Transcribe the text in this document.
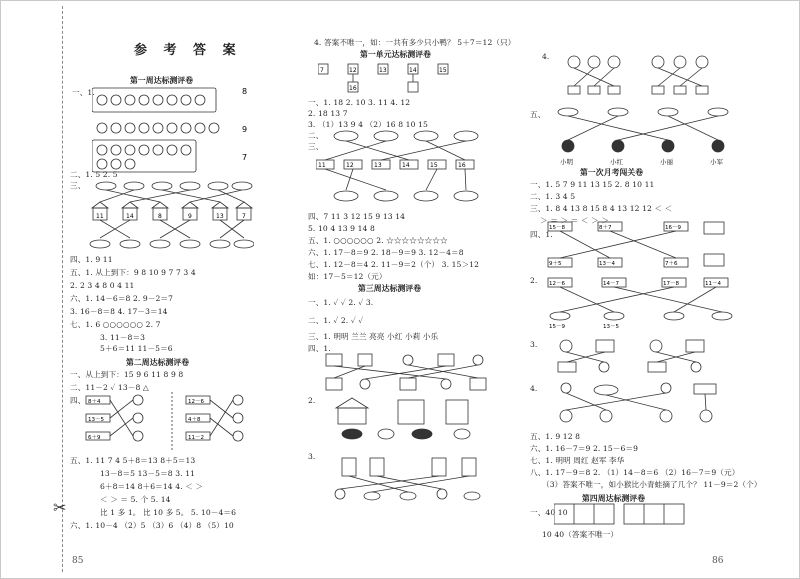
✂
参 考 答 案
第一周达标测评卷
一、1.	8
9
7
二、1. 5 2. 5
三、
11	14	8	9	13	7
四、1. 9 11
五、1. 从上到下：9 8 10 9 7 7 3 4
2. 2 3 4 8 0 4 11
六、1. 14－6＝8 2. 9－2＝7
3. 16－8＝8 4. 17－3＝14
七、1. 6 ○○○○○○ 2. 7
3. 11－8＝3
5＋6＝11 11－5＝6
第二周达标测评卷
一、从上到下：15 9 6 11 8 9 8
二、11－2 ✓ 13－8 △
四、 8＋4
13－5
6＋9
12－6
4＋8
11－2
五、1. 11 7 4 5＋8＝13 8＋5＝13
13－8＝5 13－5＝8 3. 11
6＋8＝14 8＋6＝14 4. ＜ ＞
＜ ＞ ＝ 5. 个 5. 14
比 1 多 1。 比 10 多 5。 5. 10－4＝6
六、1. 10－4 （2）5 （3）6 （4）8 （5）10
85
4. 答案不唯一，如：一共有多少只小鸭？ 5＋7＝12（只）
第一单元达标测评卷
7	12	13	14	15
16
一、1. 18 2. 10 3. 11 4. 12
2. 18 13 7
3. （1）13 9 4 （2）16 8 10 15
二、
11	12	13	14	15	16
三、
四、7 11 3 12 15 9 13 14
5. 10 4 13 9 14 8
五、1. ○○○○○○ 2. ☆☆☆☆☆☆☆☆
六、1. 17－8＝9 2. 18－9＝9 3. 12－4＝8
七、1. 12－8＝4 2. 11－9＝2（个） 3. 15＞12
如：17－5＝12（元）
第三周达标测评卷
一、1. ✓ ✓ 2. ✓ 3.
二、1. ✓ 2. ✓ ✓
三、1. 明明 兰兰 亮亮 小红 小莉 小乐
四、1.
2.
3.
4.
五、
小明	小红	小丽	小军
第一次月考闯关卷
一、1. 5 7 9 11 13 15 2. 8 10 11
二、1. 3 4 5
三、1. 8 4 13 8 15 8 4 13 12 12 ＜ ＜
＞ ＝ ＞ ＝ ＜ ＞ ＞
四、1.
15－8	8＋7	16－9
9＋5	13－4	7＋6
2. 12－6	14－7	17－8	11－4
15－9	13－5
3.
4.
五、1. 9 12 8
六、1. 16－7＝9 2. 15－6＝9
七、1. 明明 周红 赵军 李华
八、1. 17－9＝8 2. （1）14－8＝6 （2）16－7＝9（元）
（3）答案不唯一，如小猴比小青蛙摘了几个？ 11－9＝2（个）
第四周达标测评卷
一、40 10
10 40（答案不唯一）
86
